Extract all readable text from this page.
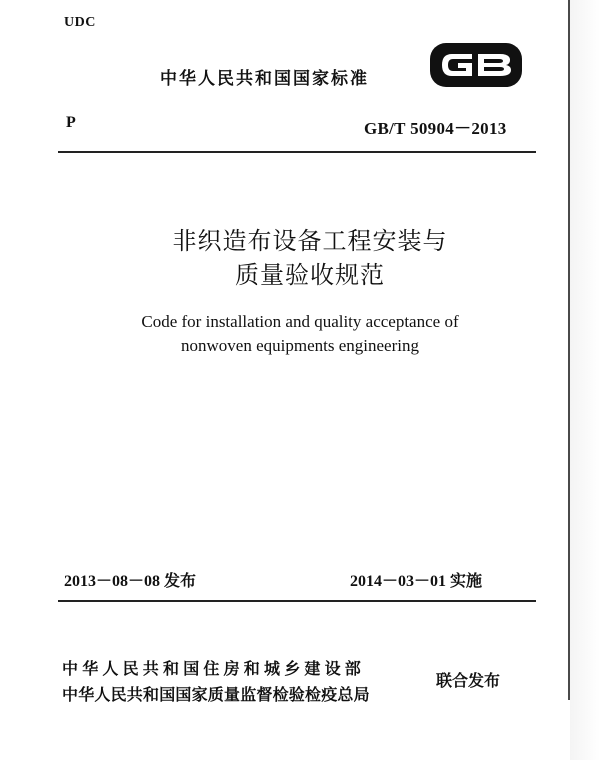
UDC
中华人民共和国国家标准
P	GB/T 50904－2013
非织造布设备工程安装与
质量验收规范
Code for installation and quality acceptance of
nonwoven equipments engineering
2013－08－08 发布	2014－03－01 实施
中华人民共和国住房和城乡建设部
中华人民共和国国家质量监督检验检疫总局
联合发布
